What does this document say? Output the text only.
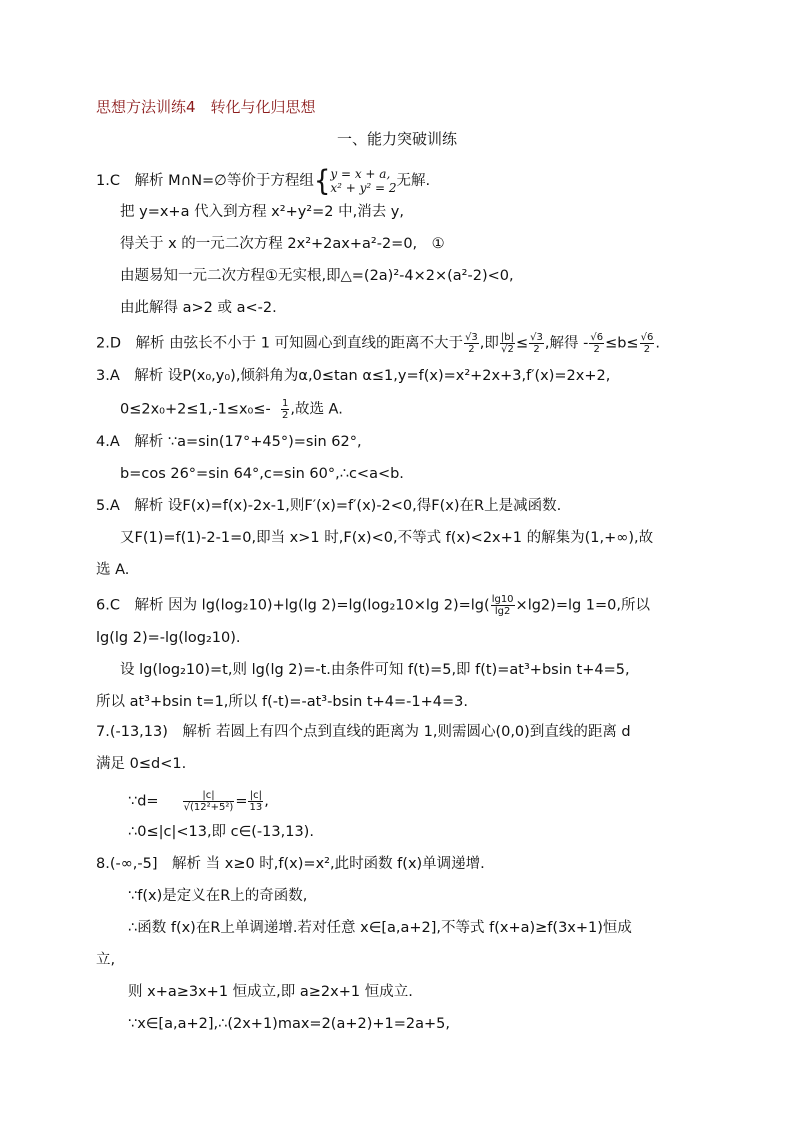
思想方法训练4　转化与化归思想
一、能力突破训练
1.C　解析 M∩N=∅等价于方程组{ y = x + a,
x² + y² = 2 无解.
把 y=x+a 代入到方程 x²+y²=2 中,消去 y,
得关于 x 的一元二次方程 2x²+2ax+a²-2=0,　①
由题易知一元二次方程①无实根,即△=(2a)²-4×2×(a²-2)<0,
由此解得 a>2 或 a<-2.
2.D　解析 由弦长不小于 1 可知圆心到直线的距离不大于 $\frac{√3}{2}$ ,即 $\frac{|b|}{√2} \le \frac{√3}{2}$ ,解得 - $\frac{√6}{2} \le b\le \frac{√6}{2}$ .
3.A　解析 设P(x₀,y₀),倾斜角为α,0≤tan α≤1,y=f(x)=x²+2x+3,f′(x)=2x+2,
$0\le 2x_0+2\le 1,-1\le x_0\le- \frac{1}{2}$ ,故选 A.
4.A　解析 ∵a=sin(17°+45°)=sin 62°,
b=cos 26°=sin 64°,c=sin 60°,∴c<a<b.
5.A　解析 设F(x)=f(x)-2x-1,则F′(x)=f′(x)-2<0,得F(x)在R上是减函数.
又F(1)=f(1)-2-1=0,即当 x>1 时,F(x)<0,不等式 f(x)<2x+1 的解集为(1,+∞),故
选 A.
6.C　解析 因为 lg(log₂10)+lg(lg 2)=lg(log₂10×lg $2)=\lg( \frac{\lg 10}{\lg 2} \times\lg 2)=\lg$ 1=0,所以
lg(lg 2)=-lg(log₂10).
设 lg(log₂10)=t,则 lg(lg 2)=-t.由条件可知 f(t)=5,即 f(t)=at³+bsin t+4=5,
所以 at³+bsin t=1,所以 f(-t)=-at³-bsin t+4=-1+4=3.
7.(-13,13)　解析 若圆上有四个点到直线的距离为 1,则需圆心(0,0)到直线的距离 d
满足 0≤d<1.
∵d= $\frac{|c|}{\text{√(12²+5²)}} = \frac{|c|}{13}$ ,
∴0≤|c|<13,即 c∈(-13,13).
8.(-∞,-5]　解析 当 x≥0 时,f(x)=x²,此时函数 f(x)单调递增.
∵f(x)是定义在R上的奇函数,
∴函数 f(x)在R上单调递增.若对任意 x∈[a,a+2],不等式 f(x+a)≥f(3x+1)恒成
立,
则 x+a≥3x+1 恒成立,即 a≥2x+1 恒成立.
∵x∈[a,a+2],∴(2x+1)max=2(a+2)+1=2a+5,
